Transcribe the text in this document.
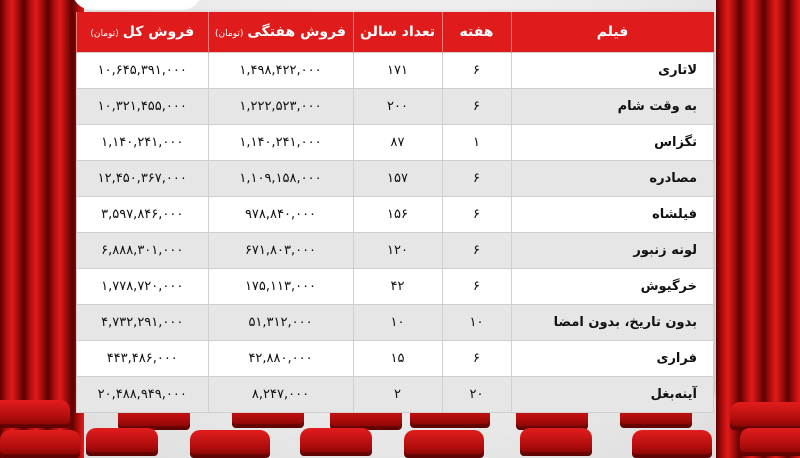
فیلم	هفته	تعداد سالن	فروش هفتگی(تومان)	فروش کل(تومان)
لاتاری	۶	۱۷۱	۱,۴۹۸,۴۲۲,۰۰۰	۱۰,۶۴۵,۳۹۱,۰۰۰
به وقت شام	۶	۲۰۰	۱,۲۲۲,۵۲۳,۰۰۰	۱۰,۳۲۱,۴۵۵,۰۰۰
تگزاس	۱	۸۷	۱,۱۴۰,۲۴۱,۰۰۰	۱,۱۴۰,۲۴۱,۰۰۰
مصادره	۶	۱۵۷	۱,۱۰۹,۱۵۸,۰۰۰	۱۲,۴۵۰,۳۶۷,۰۰۰
فیلشاه	۶	۱۵۶	۹۷۸,۸۴۰,۰۰۰	۳,۵۹۷,۸۴۶,۰۰۰
لونه زنبور	۶	۱۲۰	۶۷۱,۸۰۳,۰۰۰	۶,۸۸۸,۳۰۱,۰۰۰
خرگیوش	۶	۴۲	۱۷۵,۱۱۳,۰۰۰	۱,۷۷۸,۷۲۰,۰۰۰
بدون تاریخ، بدون امضا	۱۰	۱۰	۵۱,۳۱۲,۰۰۰	۴,۷۳۲,۲۹۱,۰۰۰
فراری	۶	۱۵	۴۲,۸۸۰,۰۰۰	۴۴۳,۴۸۶,۰۰۰
آینه‌بغل	۲۰	۲	۸,۲۴۷,۰۰۰	۲۰,۴۸۸,۹۴۹,۰۰۰
